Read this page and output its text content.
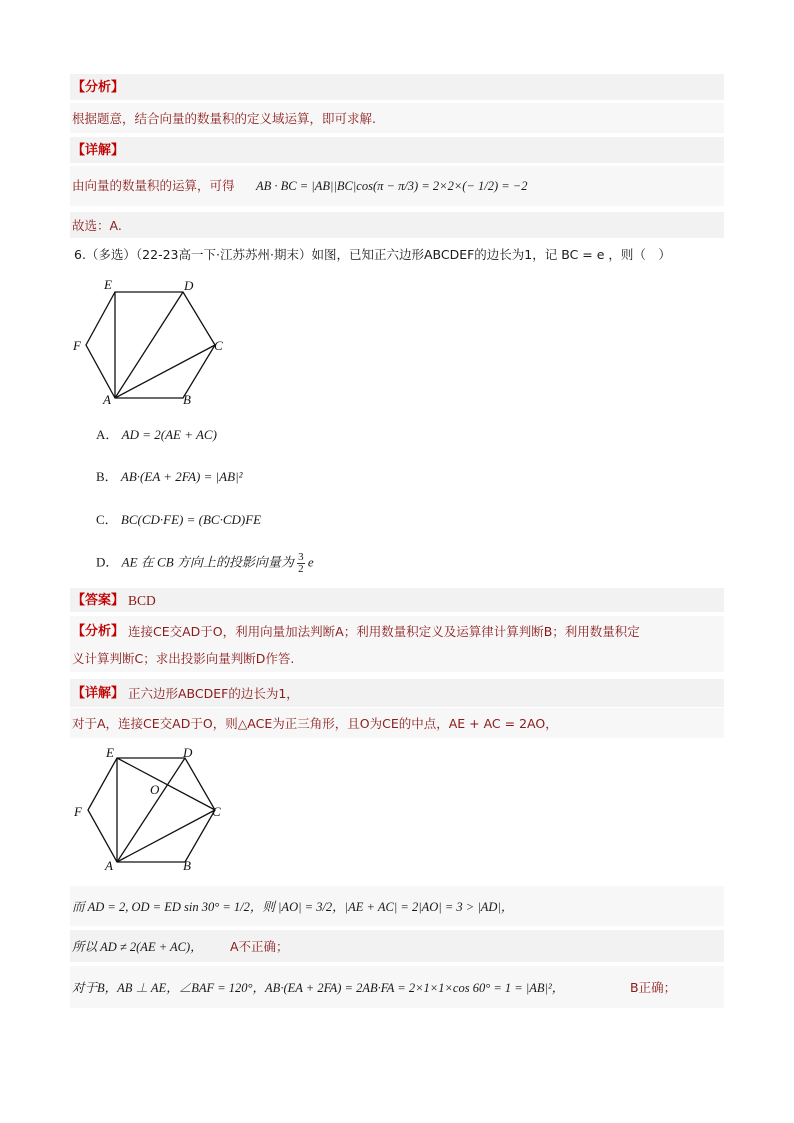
【分析】
根据题意，结合向量的数量积的定义域运算，即可求解.
【详解】
由向量的数量积的运算，可得 AB · BC = |AB||BC|cos(π − π/3) = 2×2×(− 1/2) = −2
故选：A.
6.（多选）（22-23高一下·江苏苏州·期末）如图，已知正六边形ABCDEF的边长为1，记 BC = e ，则（　）
E	D
C
F
A	B
A． AD = 2(AE + AC)
B． AB·(EA + 2FA) = |AB|²
C． BC(CD·FE) = (BC·CD)FE
D． AE 在 CB 方向上的投影向量为 $\frac{3}{2}$ e
【答案】 BCD
【分析】 连接CE交AD于O，利用向量加法判断A；利用数量积定义及运算律计算判断B；利用数量积定
义计算判断C；求出投影向量判断D作答.
【详解】 正六边形ABCDEF的边长为1，
对于A，连接CE交AD于O，则△ACE为正三角形，且O为CE的中点，AE + AC = 2AO，
E	D
C
F
A	B
O
而 AD = 2, OD = ED sin 30° = 1/2，则 |AO| = 3/2，|AE + AC| = 2|AO| = 3 > |AD|，
所以 AD ≠ 2(AE + AC)， A不正确；
对于B，AB ⊥ AE，∠BAF = 120°，AB·(EA + 2FA) = 2AB·FA = 2×1×1×cos 60° = 1 = |AB|²，	B正确；
